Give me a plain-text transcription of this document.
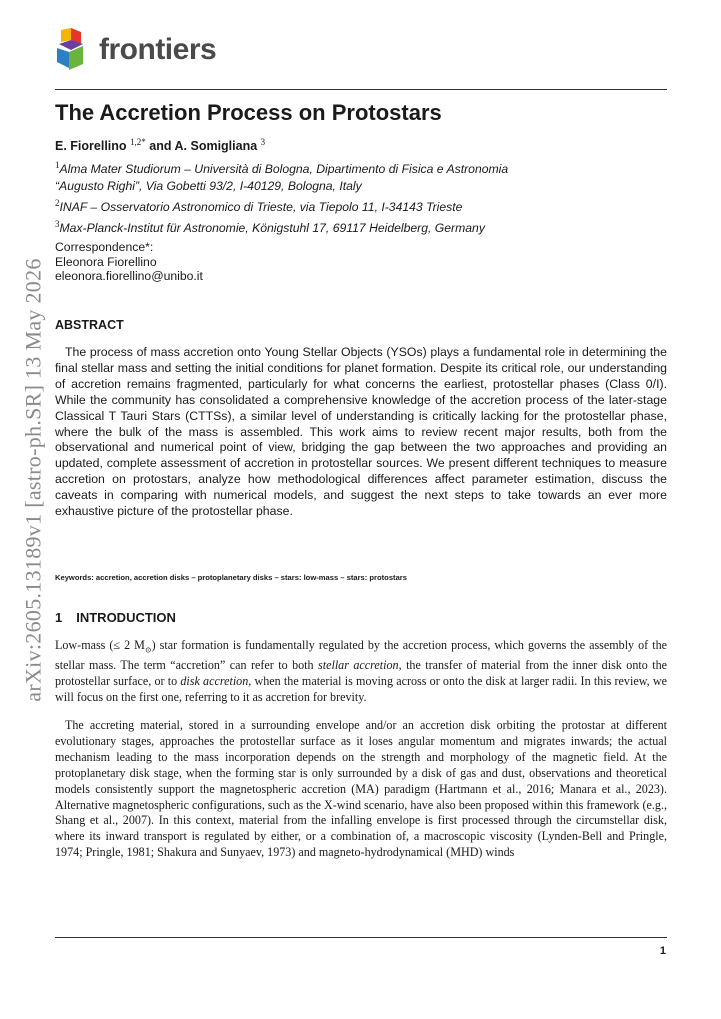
arXiv:2605.13189v1 [astro-ph.SR] 13 May 2026
frontiers
The Accretion Process on Protostars
E. Fiorellino $^{1,2*}$ and A. Somigliana $^3$
$^1$Alma Mater Studiorum – Università di Bologna, Dipartimento di Fisica e Astronomia
“Augusto Righi”, Via Gobetti 93/2, I-40129, Bologna, Italy
$^2$INAF – Osservatorio Astronomico di Trieste, via Tiepolo 11, I-34143 Trieste
$^3$Max-Planck-Institut für Astronomie, Königstuhl 17, 69117 Heidelberg, Germany
Correspondence*:
Eleonora Fiorellino
eleonora.fiorellino@unibo.it
ABSTRACT

The process of mass accretion onto Young Stellar Objects (YSOs) plays a fundamental role in determining the final stellar mass and setting the initial conditions for planet formation. Despite its critical role, our understanding of accretion remains fragmented, particularly for what concerns the earliest, protostellar phases (Class 0/I). While the community has consolidated a comprehensive knowledge of the accretion process of the later-stage Classical T Tauri Stars (CTTSs), a similar level of understanding is critically lacking for the protostellar phase, where the bulk of the mass is assembled. This work aims to review recent major results, both from the observational and numerical point of view, bridging the gap between the two approaches and providing an updated, complete assessment of accretion in protostellar sources. We present different techniques to measure accretion on protostars, analyze how methodological differences affect parameter estimation, discuss the caveats in comparing with numerical models, and suggest the next steps to take towards an ever more exhaustive picture of the protostellar phase.

Keywords: accretion, accretion disks – protoplanetary disks – stars: low-mass – stars: protostars
1 INTRODUCTION

Low-mass (≤ 2 $M_⊙$) star formation is fundamentally regulated by the accretion process, which governs the assembly of the stellar mass. The term “accretion” can refer to both stellar accretion, the transfer of material from the inner disk onto the protostellar surface, or to disk accretion, when the material is moving across or onto the disk at larger radii. In this review, we will focus on the first one, referring to it as accretion for brevity.

The accreting material, stored in a surrounding envelope and/or an accretion disk orbiting the protostar at different evolutionary stages, approaches the protostellar surface as it loses angular momentum and migrates inwards; the actual mechanism leading to the mass incorporation depends on the strength and morphology of the magnetic field. At the protoplanetary disk stage, when the forming star is only surrounded by a disk of gas and dust, observations and theoretical models consistently support the magnetospheric accretion (MA) paradigm (Hartmann et al., 2016; Manara et al., 2023). Alternative magnetospheric configurations, such as the X-wind scenario, have also been proposed within this framework (e.g., Shang et al., 2007). In this context, material from the infalling envelope is first processed through the circumstellar disk, where its inward transport is regulated by either, or a combination of, a macroscopic viscosity (Lynden-Bell and Pringle, 1974; Pringle, 1981; Shakura and Sunyaev, 1973) and magneto-hydrodynamical (MHD) winds

1
